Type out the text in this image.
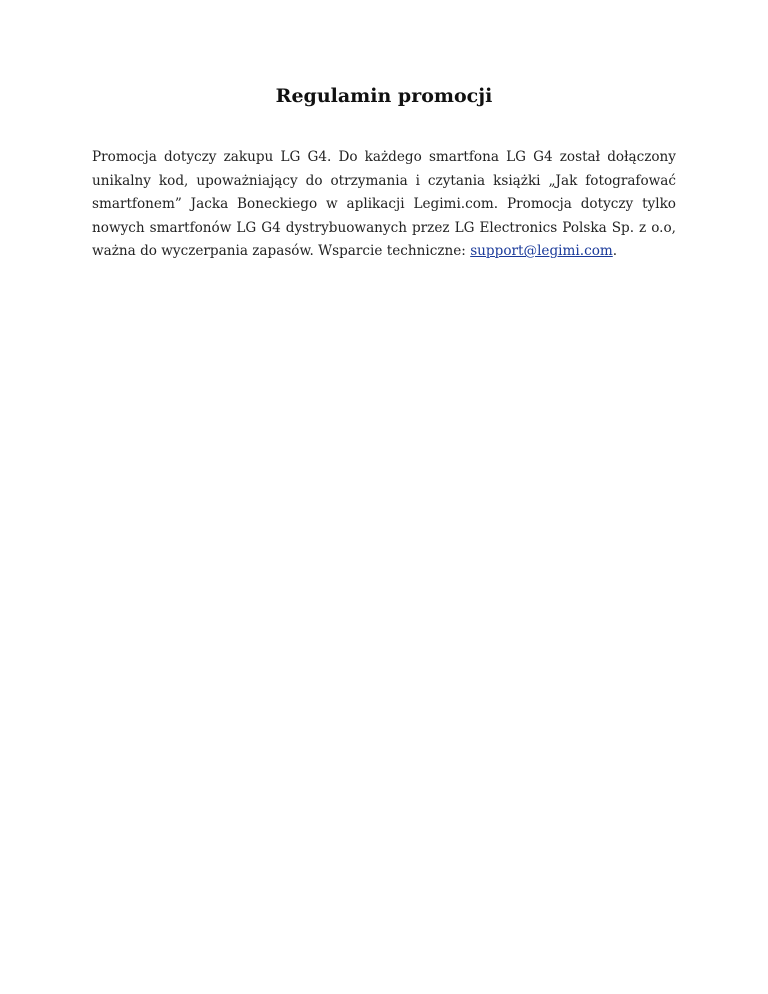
Regulamin promocji

Promocja dotyczy zakupu LG G4. Do każdego smartfona LG G4 został dołączony unikalny kod, upoważniający do otrzymania i czytania książki „Jak fotografować smartfonem” Jacka Boneckiego w aplikacji Legimi.com. Promocja dotyczy tylko nowych smartfonów LG G4 dystrybuowanych przez LG Electronics Polska Sp. z o.o, ważna do wyczerpania zapasów. Wsparcie techniczne: support@legimi.com.
